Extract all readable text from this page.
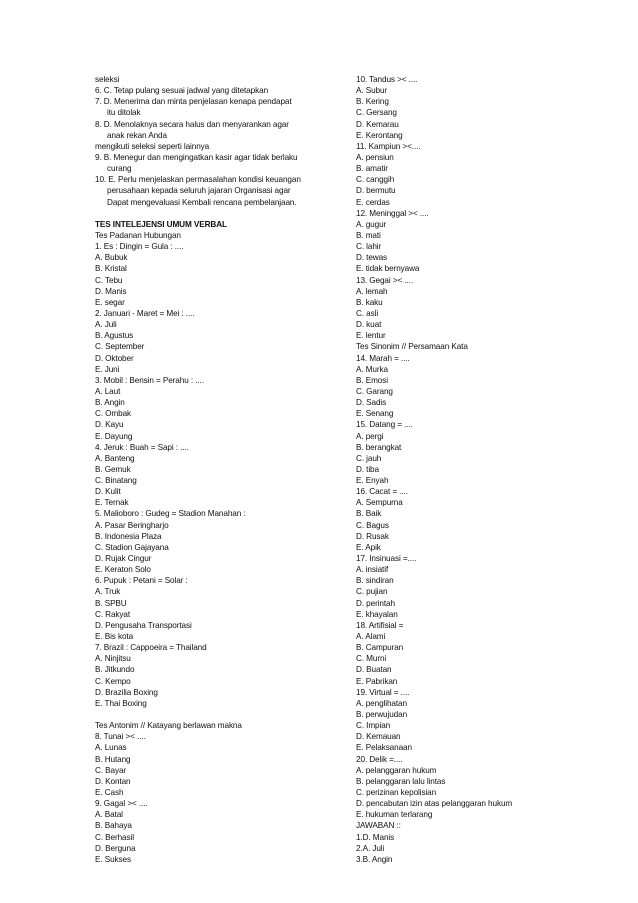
seleksi
6. C. Tetap pulang sesuai jadwal yang ditetapkan
7. D. Menerima dan minta penjelasan kenapa pendapat
itu ditolak
8. D. Menolaknya secara halus dan menyarankan agar
anak rekan Anda
mengikuti seleksi seperti lainnya
9. B. Menegur dan mengingatkan kasir agar tidak berlaku
curang
10. E. Perlu menjelaskan permasalahan kondisi keuangan
perusahaan kepada seluruh jajaran Organisasi agar
Dapat mengevaluasi Kembali rencana pembelanjaan.
TES INTELEJENSI UMUM VERBAL
Tes Padanan Hubungan
1. Es : Dingin = Gula : ....
A. Bubuk
B. Kristal
C. Tebu
D. Manis
E. segar
2. Januari - Maret = Mei : ....
A. Juli
B. Agustus
C. September
D. Oktober
E. Juni
3. Mobil : Bensin = Perahu : ....
A. Laut
B. Angin
C. Ombak
D. Kayu
E. Dayung
4. Jeruk : Buah = Sapi : ....
A. Banteng
B. Gemuk
C. Binatang
D. Kulit
E. Ternak
5. Malioboro : Gudeg = Stadion Manahan :
A. Pasar Beringharjo
B. Indonesia Plaza
C. Stadion Gajayana
D. Rujak Cingur
E. Keraton Solo
6. Pupuk : Petani = Solar :
A. Truk
B. SPBU
C. Rakyat
D. Pengusaha Transportasi
E. Bis kota
7. Brazil : Cappoeira = Thailand
A. Ninjitsu
B. Jitkundo
C. Kempo
D. Brazilia Boxing
E. Thai Boxing
Tes Antonim // Katayang berlawan makna
8. Tunai >< ....
A. Lunas
B. Hutang
C. Bayar
D. Kontan
E. Cash
9. Gagal >< ....
A. Batal
B. Bahaya
C. Berhasil
D. Berguna
E. Sukses
10. Tandus >< ....
A. Subur
B. Kering
C. Gersang
D. Kemarau
E. Kerontang
11. Kampiun ><....
A. pensiun
B. amatir
C. canggih
D. bermutu
E. cerdas
12. Meninggal >< ....
A. gugur
B. mati
C. lahir
D. tewas
E. tidak bernyawa
13. Gegai >< ....
A. lemah
B. kaku
C. asli
D. kuat
E. lentur
Tes Sinonim // Persamaan Kata
14. Marah = ....
A. Murka
B. Emosi
C. Garang
D. Sadis
E. Senang
15. Datang = ....
A. pergi
B. berangkat
C. jauh
D. tiba
E. Enyah
16. Cacat = ....
A. Sempurna
B. Baik
C. Bagus
D. Rusak
E. Apik
17. Insinuasi =....
A. insiatif
B. sindiran
C. pujian
D. perintah
E. khayalan
18. Artifisial =
A. Alami
B. Campuran
C. Murni
D. Buatan
E. Pabrikan
19. Virtual = ....
A. penglihatan
B. perwujudan
C. Impian
D. Kemauan
E. Pelaksanaan
20. Delik =....
A. pelanggaran hukum
B. pelanggaran lalu lintas
C. perizinan kepolisian
D. pencabutan izin atas pelanggaran hukum
E. hukuman terlarang
JAWABAN ::
1.D. Manis
2.A. Juli
3.B. Angin
